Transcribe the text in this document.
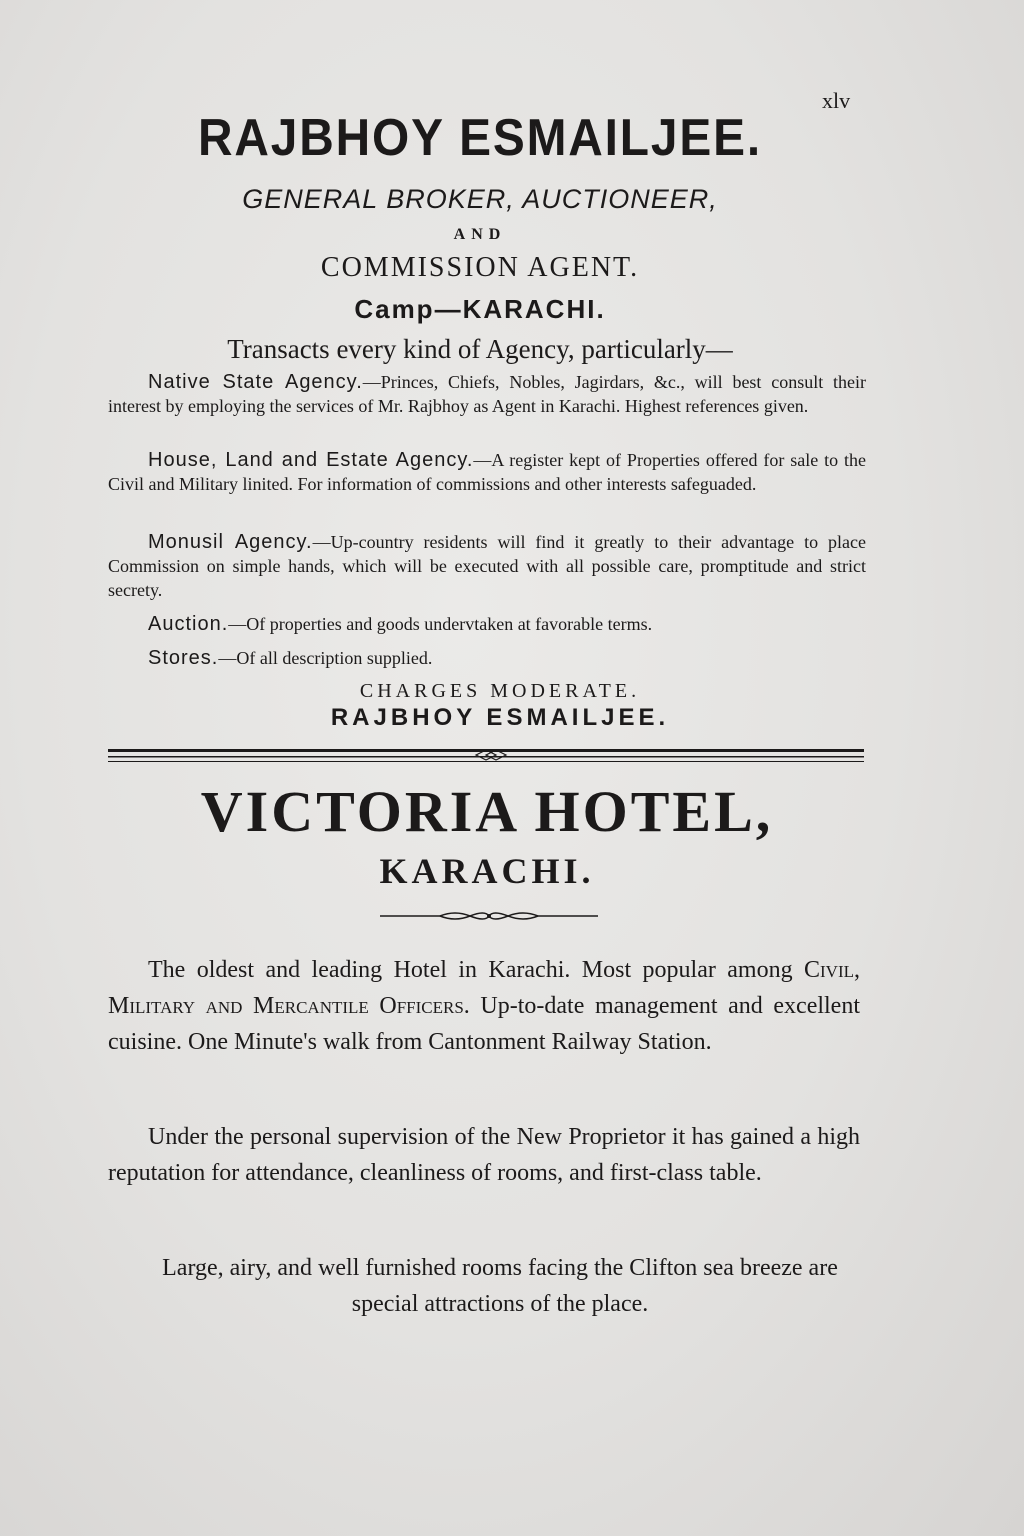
xlv
RAJBHOY ESMAILJEE.
GENERAL BROKER, AUCTIONEER,
AND
COMMISSION AGENT.
Camp—KARACHI.
Transacts every kind of Agency, particularly—
Native State Agency.—Princes, Chiefs, Nobles, Jagirdars, &c., will best consult their interest by employing the services of Mr. Rajbhoy as Agent in Karachi. Highest references given.
House, Land and Estate Agency.—A register kept of Properties offered for sale to the Civil and Military linited. For information of commissions and other interests safeguaded.
Monusil Agency.—Up-country residents will find it greatly to their advantage to place Commission on simple hands, which will be executed with all possible care, promptitude and strict secrety.
Auction.—Of properties and goods undervtaken at favorable terms.
Stores.—Of all description supplied.
CHARGES MODERATE.
RAJBHOY ESMAILJEE.
VICTORIA HOTEL,
KARACHI.
The oldest and leading Hotel in Karachi. Most popular among Civil, Military and Mercantile Officers. Up-to-date management and excellent cuisine. One Minute's walk from Cantonment Railway Station.
Under the personal supervision of the New Proprietor it has gained a high reputation for attendance, cleanliness of rooms, and first-class table.
Large, airy, and well furnished rooms facing the Clifton sea breeze are special attractions of the place.
